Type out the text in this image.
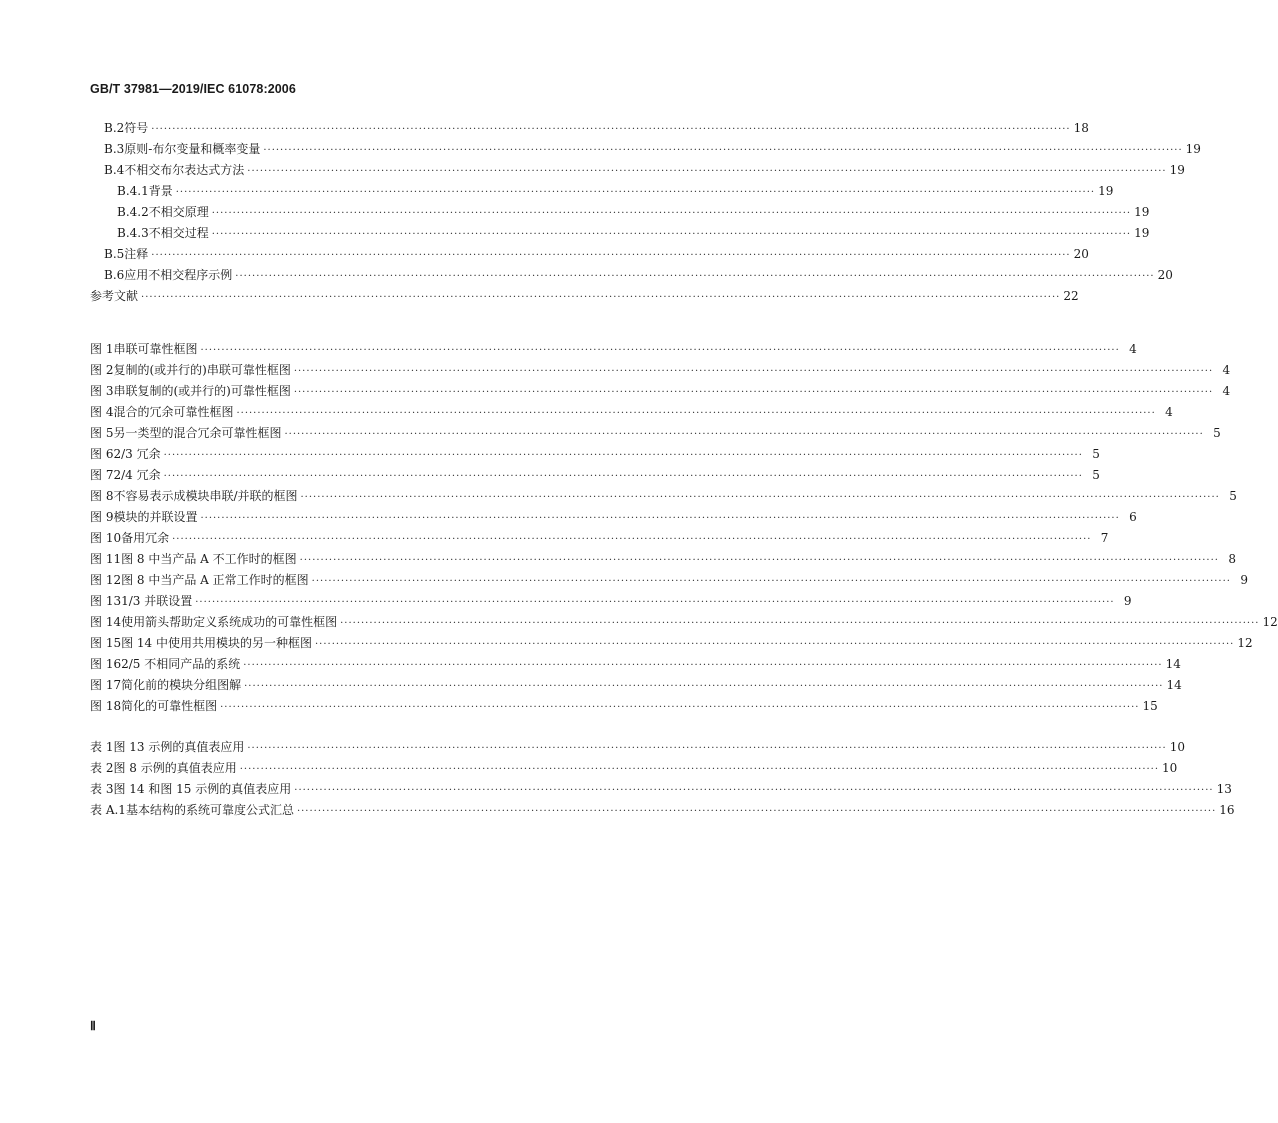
GB/T 37981—2019/IEC 61078:2006
B.2 符号 ···························································································································································································································· 18
B.3 原则-布尔变量和概率变量 ···························································································································································································································· 19
B.4 不相交布尔表达式方法 ···························································································································································································································· 19
B.4.1 背景 ···························································································································································································································· 19
B.4.2 不相交原理 ···························································································································································································································· 19
B.4.3 不相交过程 ···························································································································································································································· 19
B.5 注释 ···························································································································································································································· 20
B.6 应用不相交程序示例 ···························································································································································································································· 20
参考文献 ···························································································································································································································· 22
图 1 串联可靠性框图 ···························································································································································································································· 4
图 2 复制的(或并行的)串联可靠性框图 ···························································································································································································································· 4
图 3 串联复制的(或并行的)可靠性框图 ···························································································································································································································· 4
图 4 混合的冗余可靠性框图 ···························································································································································································································· 4
图 5 另一类型的混合冗余可靠性框图 ···························································································································································································································· 5
图 6 2/3 冗余 ···························································································································································································································· 5
图 7 2/4 冗余 ···························································································································································································································· 5
图 8 不容易表示成模块串联/并联的框图 ···························································································································································································································· 5
图 9 模块的并联设置 ···························································································································································································································· 6
图 10 备用冗余 ···························································································································································································································· 7
图 11 图 8 中当产品 A 不工作时的框图 ···························································································································································································································· 8
图 12 图 8 中当产品 A 正常工作时的框图 ···························································································································································································································· 9
图 13 1/3 并联设置 ···························································································································································································································· 9
图 14 使用箭头帮助定义系统成功的可靠性框图 ···························································································································································································································· 12
图 15 图 14 中使用共用模块的另一种框图 ···························································································································································································································· 12
图 16 2/5 不相同产品的系统 ···························································································································································································································· 14
图 17 简化前的模块分组图解 ···························································································································································································································· 14
图 18 简化的可靠性框图 ···························································································································································································································· 15
表 1 图 13 示例的真值表应用 ···························································································································································································································· 10
表 2 图 8 示例的真值表应用 ···························································································································································································································· 10
表 3 图 14 和图 15 示例的真值表应用 ···························································································································································································································· 13
表 A.1 基本结构的系统可靠度公式汇总 ···························································································································································································································· 16
Ⅱ
